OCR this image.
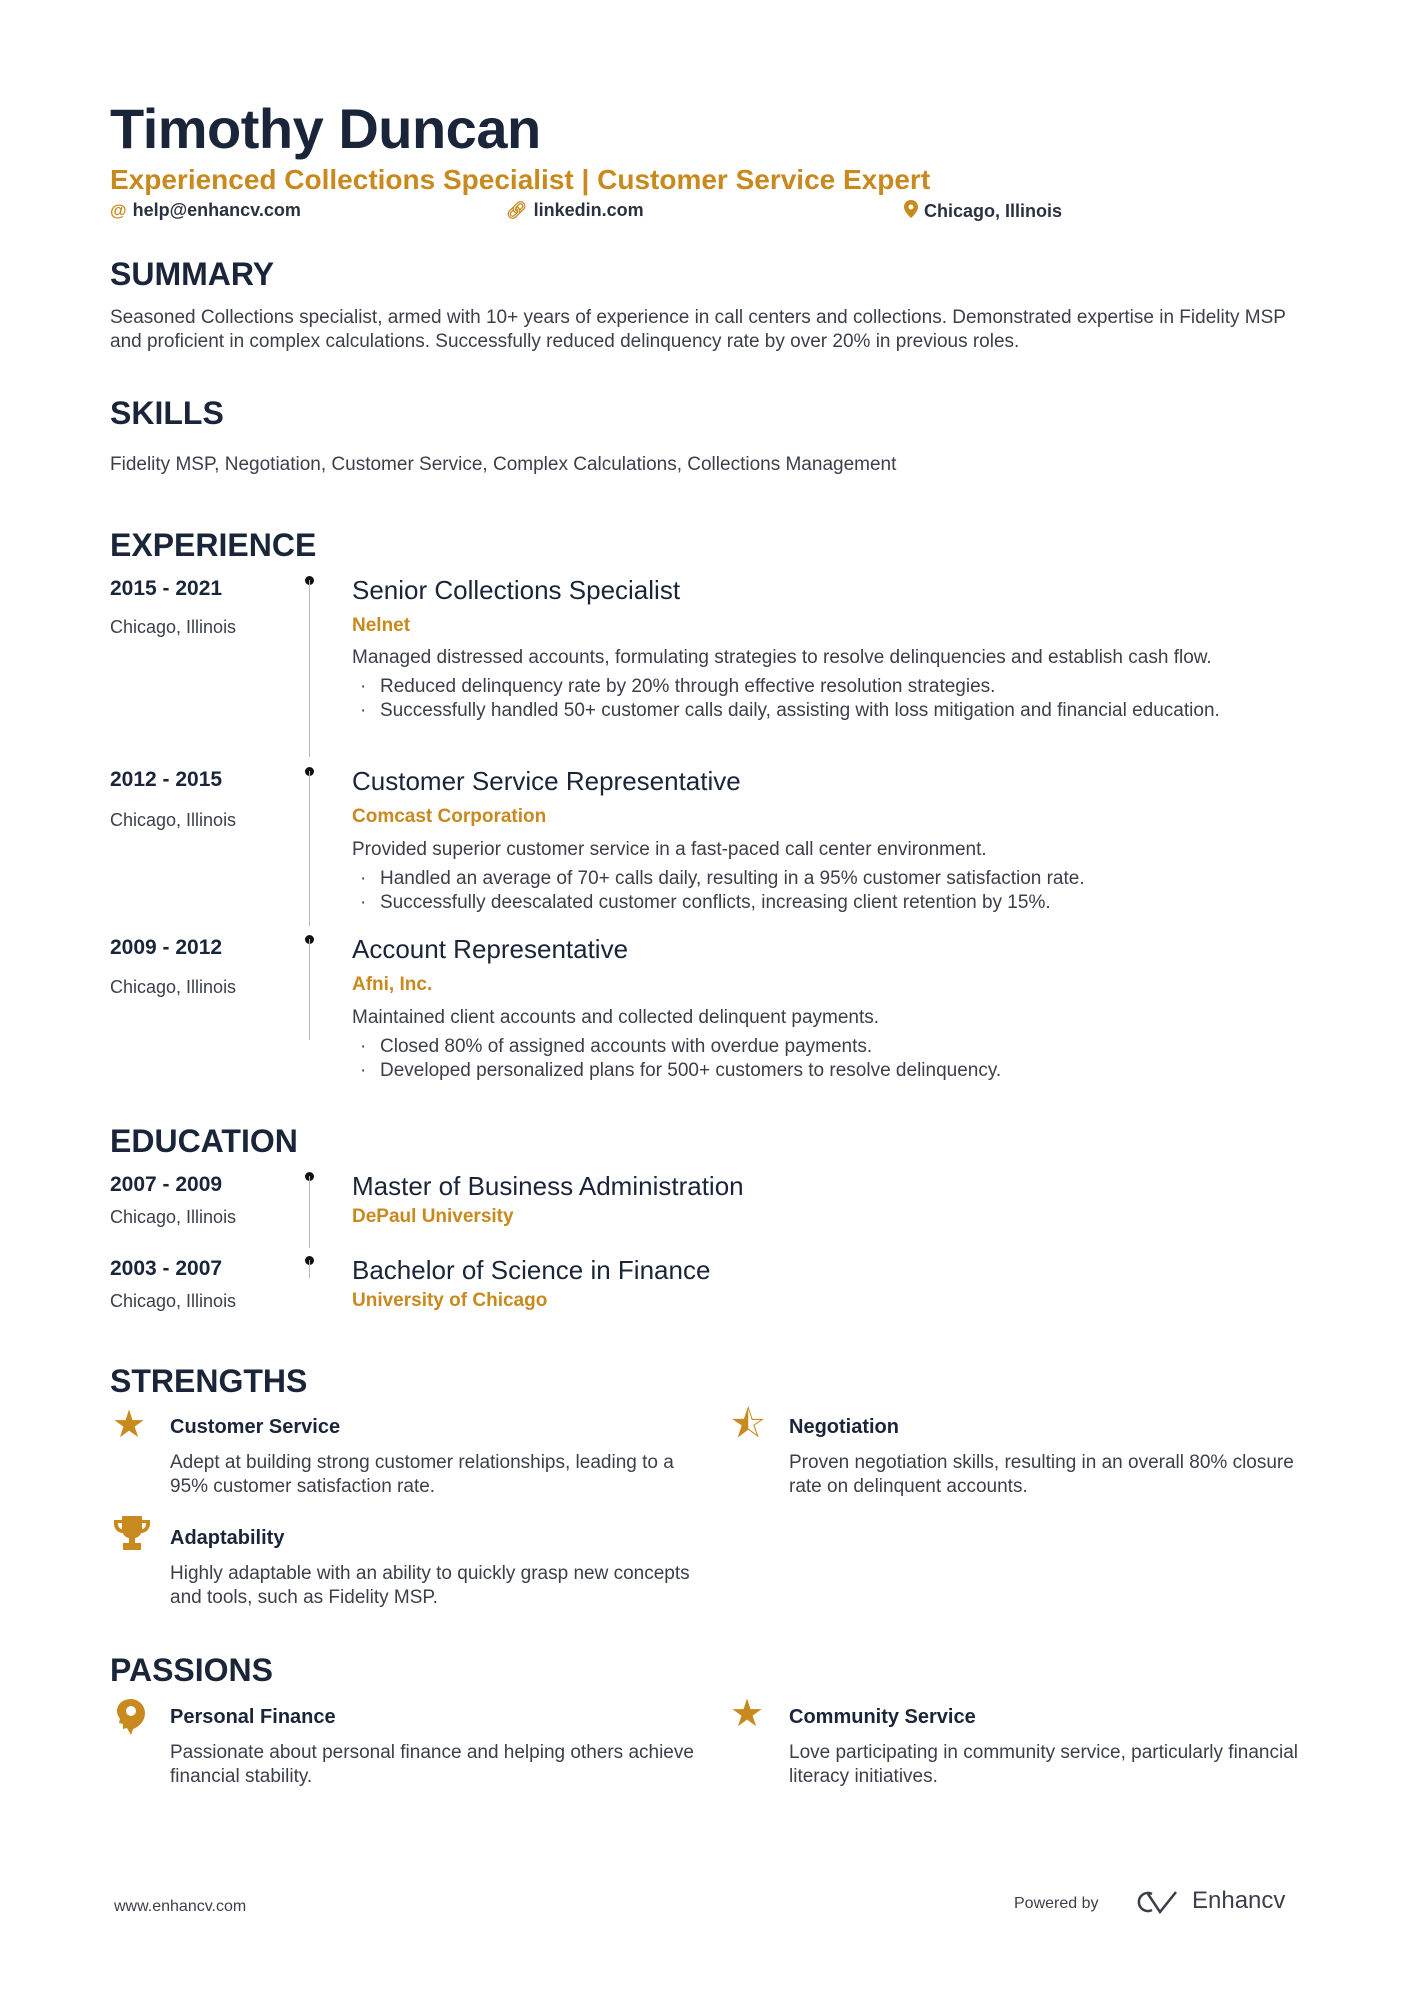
Timothy Duncan
Experienced Collections Specialist | Customer Service Expert
@ help@enhancv.com	🔗︎ linkedin.com	Chicago, Illinois
SUMMARY
Seasoned Collections specialist, armed with 10+ years of experience in call centers and collections. Demonstrated expertise in Fidelity MSP and proficient in complex calculations. Successfully reduced delinquency rate by over 20% in previous roles.
SKILLS
Fidelity MSP, Negotiation, Customer Service, Complex Calculations, Collections Management
EXPERIENCE
2015 - 2021
Chicago, Illinois
Senior Collections Specialist
Nelnet
Managed distressed accounts, formulating strategies to resolve delinquencies and establish cash flow.
· Reduced delinquency rate by 20% through effective resolution strategies.
· Successfully handled 50+ customer calls daily, assisting with loss mitigation and financial education.
2012 - 2015
Chicago, Illinois
Customer Service Representative
Comcast Corporation
Provided superior customer service in a fast-paced call center environment.
· Handled an average of 70+ calls daily, resulting in a 95% customer satisfaction rate.
· Successfully deescalated customer conflicts, increasing client retention by 15%.
2009 - 2012
Chicago, Illinois
Account Representative
Afni, Inc.
Maintained client accounts and collected delinquent payments.
· Closed 80% of assigned accounts with overdue payments.
· Developed personalized plans for 500+ customers to resolve delinquency.
EDUCATION
2007 - 2009
Chicago, Illinois
Master of Business Administration
DePaul University
2003 - 2007
Chicago, Illinois
Bachelor of Science in Finance
University of Chicago
STRENGTHS
★ Customer Service
Adept at building strong customer relationships, leading to a 95% customer satisfaction rate.
⯪ Negotiation
Proven negotiation skills, resulting in an overall 80% closure rate on delinquent accounts.
Adaptability
Highly adaptable with an ability to quickly grasp new concepts and tools, such as Fidelity MSP.
PASSIONS
Personal Finance
Passionate about personal finance and helping others achieve financial stability.
★ Community Service
Love participating in community service, particularly financial literacy initiatives.
www.enhancv.com	Powered by	Enhancv
